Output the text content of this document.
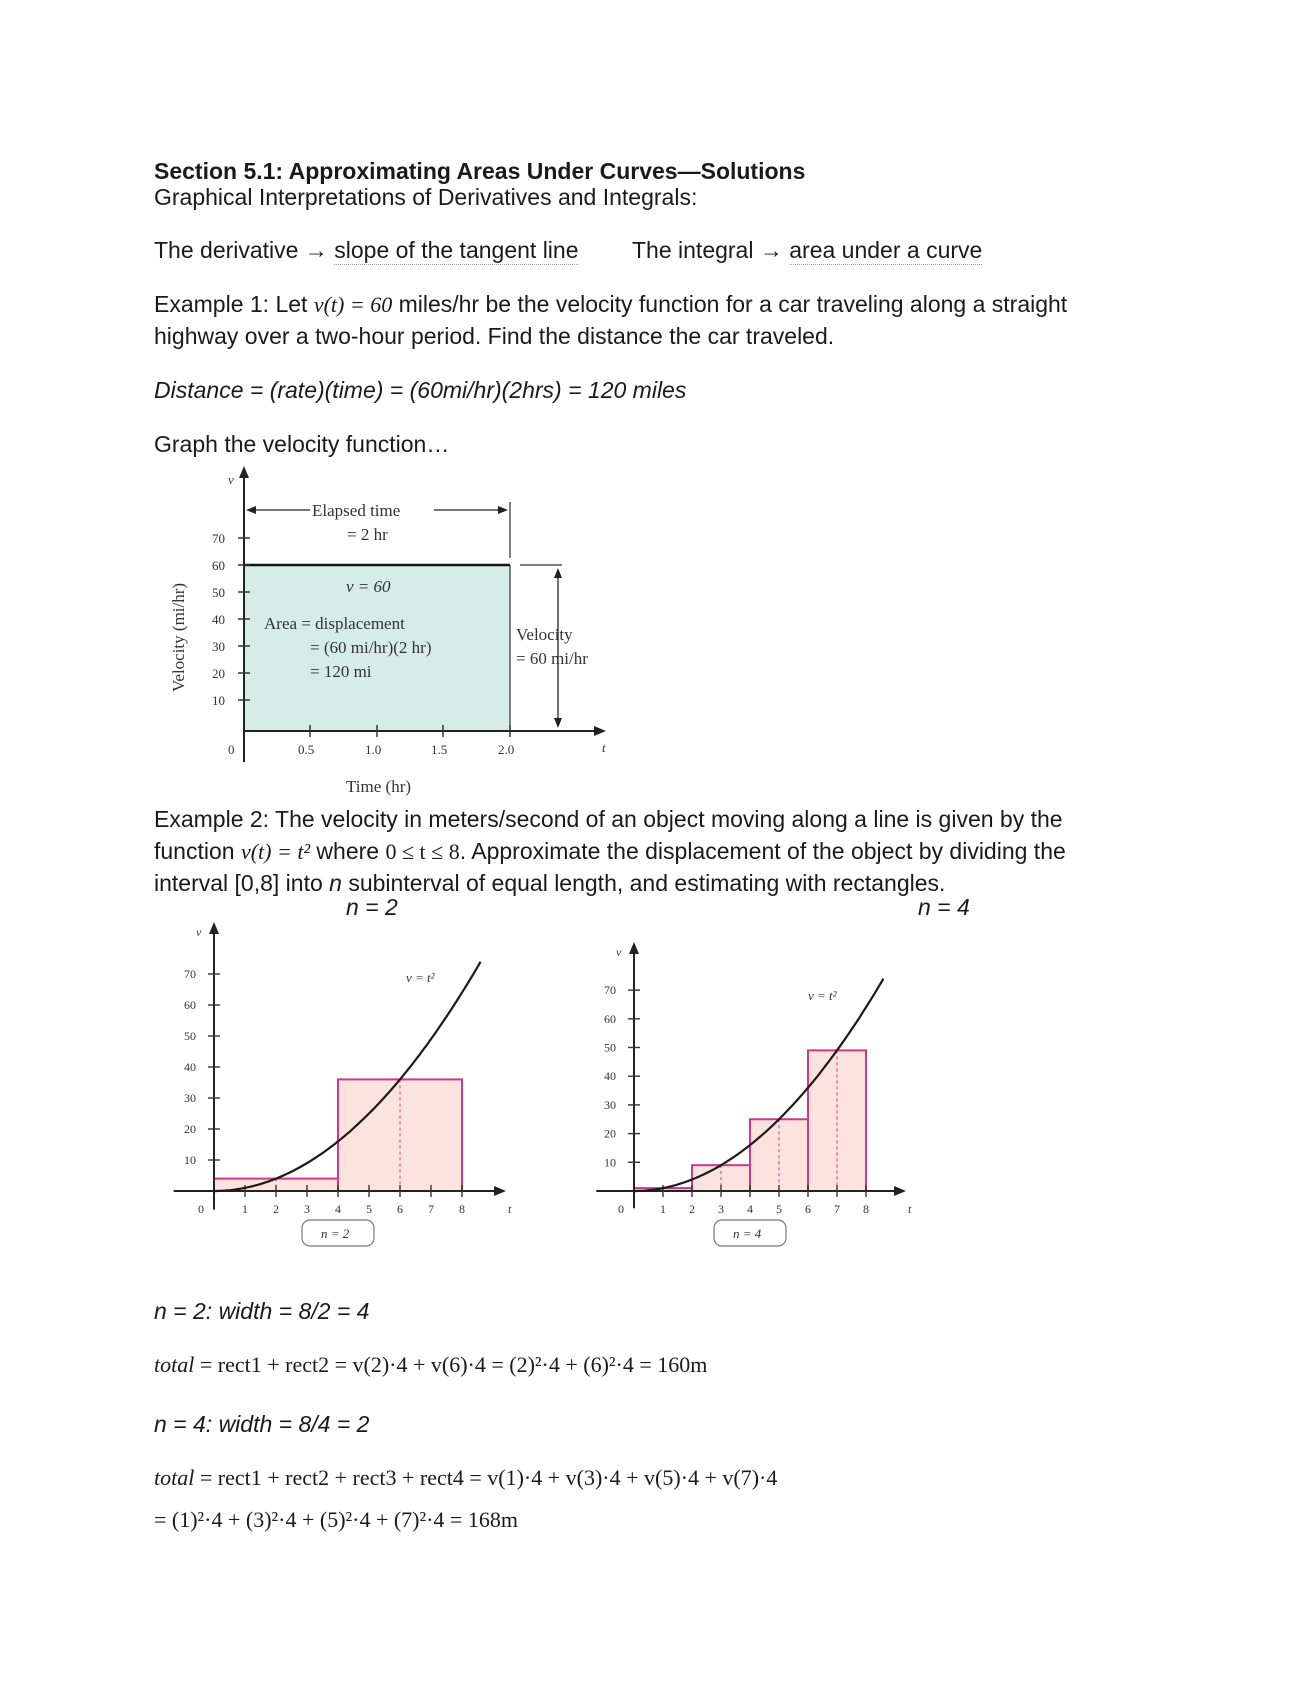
Section 5.1: Approximating Areas Under Curves—Solutions
Graphical Interpretations of Derivatives and Integrals:
The derivative → slope of the tangent line The integral → area under a curve
Example 1: Let v(t) = 60 miles/hr be the velocity function for a car traveling along a straight
highway over a two-hour period. Find the distance the car traveled.
Distance = (rate)(time) = (60mi/hr)(2hrs) = 120 miles
Graph the velocity function…
v
t
0
70
60
50
40
30
20
10
0.5	1.0	1.5	2.0
Elapsed time
= 2 hr
v = 60
Area = displacement
= (60 mi/hr)(2 hr)
= 120 mi
Velocity
= 60 mi/hr
Velocity (mi/hr)
Time (hr)
Example 2: The velocity in meters/second of an object moving along a line is given by the
function v(t) = t² where 0 ≤ t ≤ 8. Approximate the displacement of the object by dividing the
interval [0,8] into n subinterval of equal length, and estimating with rectangles.
n = 2	n = 4
v
t
0
10
20
30
40
50
60
70
1 2 3 4 5 6 7 8
v = t²
n = 2
v
t
0
10
20
30
40
50
60
70
1 2 3 4 5 6 7 8
v = t²
n = 4
n = 2: width = 8/2 = 4
total = rect1 + rect2 = v(2)·4 + v(6)·4 = (2)²·4 + (6)²·4 = 160m
n = 4: width = 8/4 = 2
total = rect1 + rect2 + rect3 + rect4 = v(1)·4 + v(3)·4 + v(5)·4 + v(7)·4
= (1)²·4 + (3)²·4 + (5)²·4 + (7)²·4 = 168m
